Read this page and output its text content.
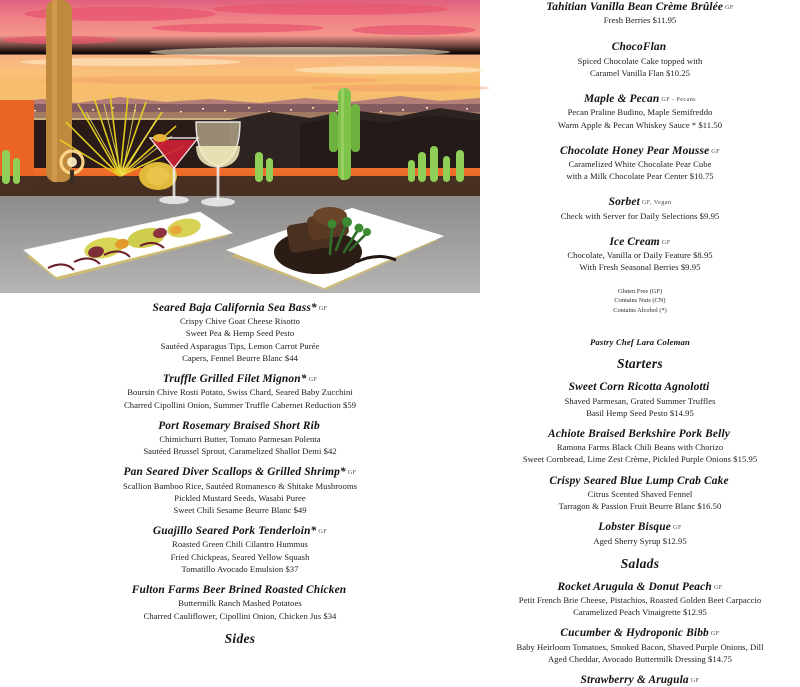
Seared Baja California Sea Bass* GF
Crispy Chive Goat Cheese Risotto
Sweet Pea & Hemp Seed Pesto
Sautéed Asparagus Tips, Lemon Carrot Purée
Capers, Fennel Beurre Blanc $44
Truffle Grilled Filet Mignon* GF
Boursin Chive Rosti Potato, Swiss Chard, Seared Baby Zucchini
Charred Cipollini Onion, Summer Truffle Cabernet Reduction $59
Port Rosemary Braised Short Rib
Chimichurri Butter, Tomato Parmesan Polenta
Sautéed Brussel Sprout, Caramelized Shallot Demi $42
Pan Seared Diver Scallops & Grilled Shrimp* GF
Scallion Bamboo Rice, Sautéed Romanesco & Shitake Mushrooms
Pickled Mustard Seeds, Wasabi Puree
Sweet Chili Sesame Beurre Blanc $49
Guajillo Seared Pork Tenderloin* GF
Roasted Green Chili Cilantro Hummus
Fried Chickpeas, Seared Yellow Squash
Tomatillo Avocado Emulsion $37
Fulton Farms Beer Brined Roasted Chicken
Buttermilk Ranch Mashed Potatoes
Charred Cauliflower, Cipollini Onion, Chicken Jus $34
Sides
Tahitian Vanilla Bean Crème Brûlée GF
Fresh Berries $11.95
ChocoFlan
Spiced Chocolate Cake topped with
Caramel Vanilla Flan $10.25
Maple & Pecan GF - Pecans
Pecan Praline Budino, Maple Semifreddo
Warm Apple & Pecan Whiskey Sauce * $11.50
Chocolate Honey Pear Mousse GF
Caramelized White Chocolate Pear Cube
with a Milk Chocolate Pear Center $10.75
Sorbet GF, Vegan
Check with Server for Daily Selections $9.95
Ice Cream GF
Chocolate, Vanilla or Daily Feature $8.95
With Fresh Seasonal Berries $9.95
Gluten Free (GF)
Contains Nuts (CN)
Contains Alcohol (*)
Pastry Chef Lara Coleman
Starters
Sweet Corn Ricotta Agnolotti
Shaved Parmesan, Grated Summer Truffles
Basil Hemp Seed Pesto $14.95
Achiote Braised Berkshire Pork Belly
Ramona Farms Black Chili Beans with Chorizo
Sweet Cornbread, Lime Zest Crème, Pickled Purple Onions $15.95
Crispy Seared Blue Lump Crab Cake
Citrus Scented Shaved Fennel
Tarragon & Passion Fruit Beurre Blanc $16.50
Lobster Bisque GF
Aged Sherry Syrup $12.95
Salads
Rocket Arugula & Donut Peach GF
Petit French Brie Cheese, Pistachios, Roasted Golden Beet Carpaccio
Caramelized Peach Vinaigrette $12.95
Cucumber & Hydroponic Bibb GF
Baby Heirloom Tomatoes, Smoked Bacon, Shaved Purple Onions, Dill
Aged Cheddar, Avocado Buttermilk Dressing $14.75
Strawberry & Arugula GF
